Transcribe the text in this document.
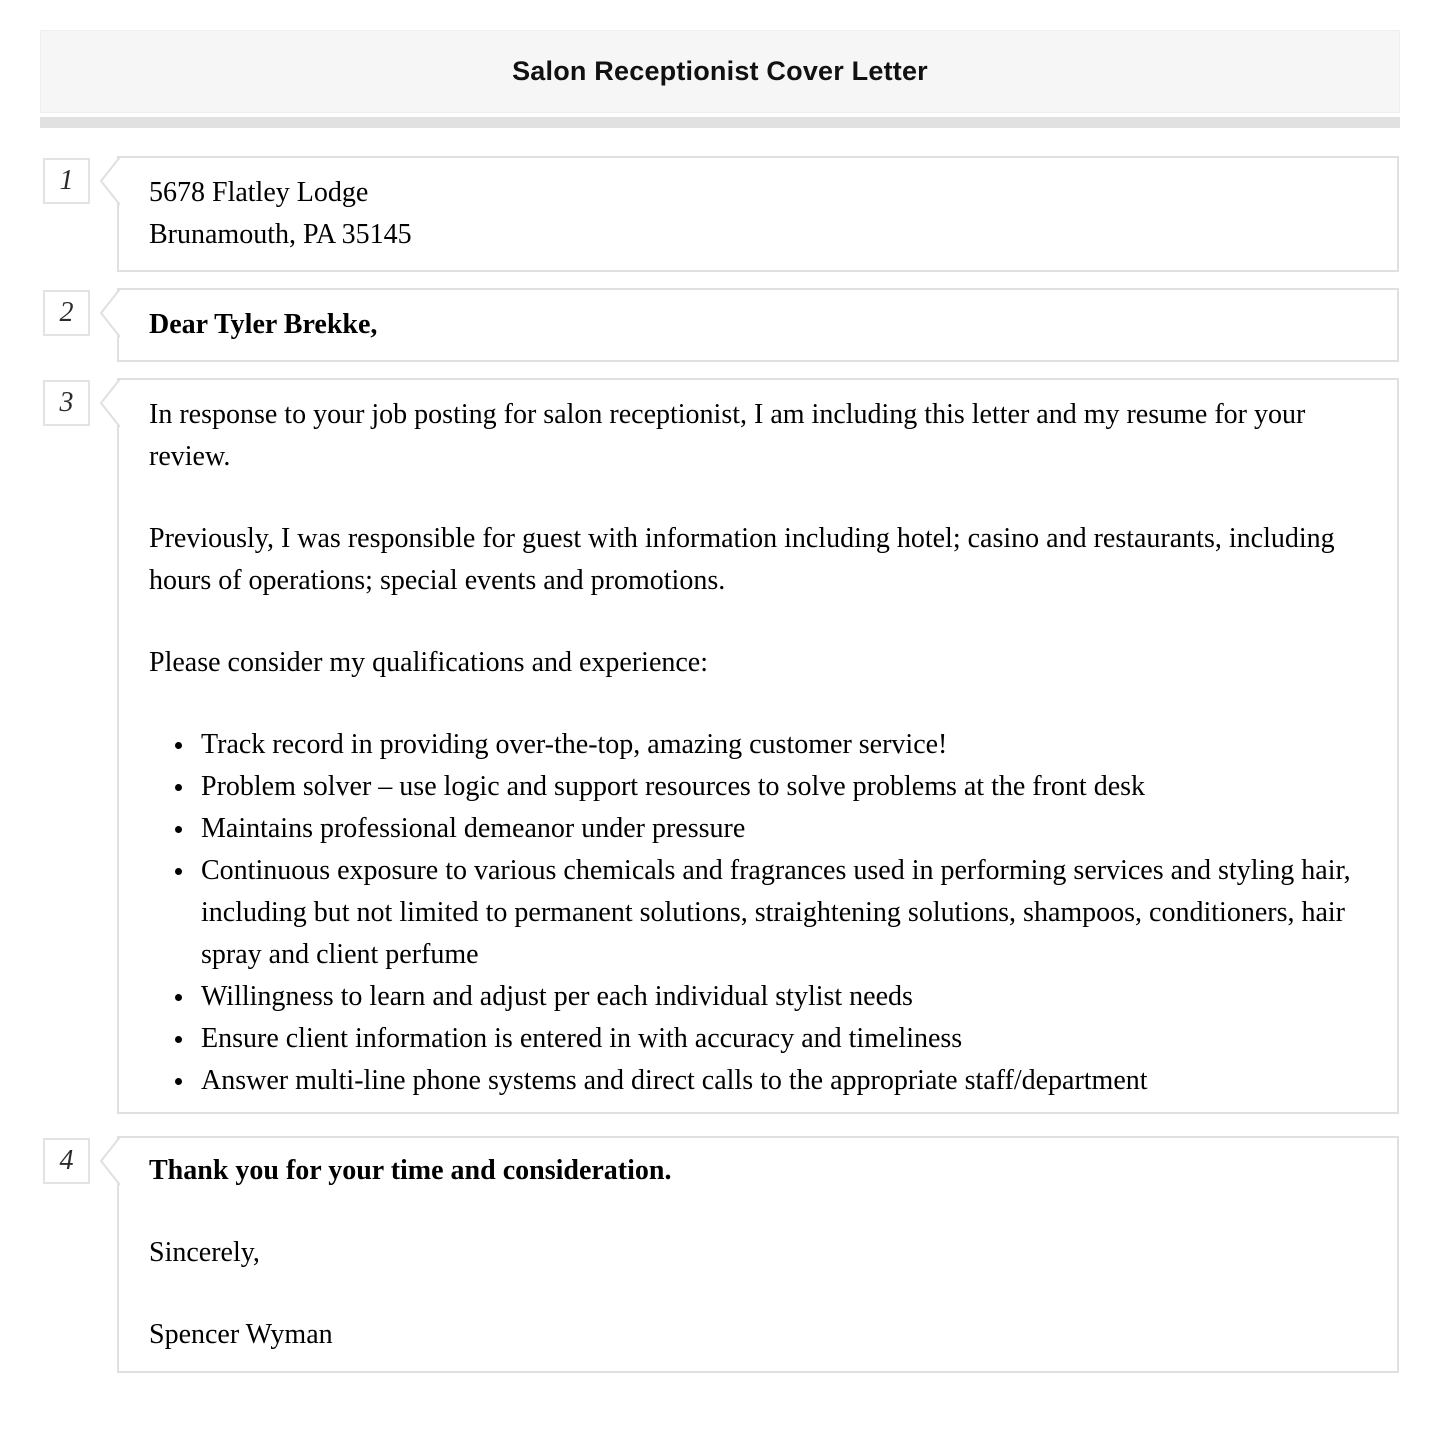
Salon Receptionist Cover Letter
1	5678 Flatley Lodge

Brunamouth, PA 35145

2	Dear Tyler Brekke,

3	In response to your job posting for salon receptionist, I am including this letter and my resume for your review.

Previously, I was responsible for guest with information including hotel; casino and restaurants, including hours of operations; special events and promotions.

Please consider my qualifications and experience:

Track record in providing over-the-top, amazing customer service!
Problem solver – use logic and support resources to solve problems at the front desk
Maintains professional demeanor under pressure
Continuous exposure to various chemicals and fragrances used in performing services and styling hair, including but not limited to permanent solutions, straightening solutions, shampoos, conditioners, hair spray and client perfume
Willingness to learn and adjust per each individual stylist needs
Ensure client information is entered in with accuracy and timeliness
Answer multi-line phone systems and direct calls to the appropriate staff/department
4	Thank you for your time and consideration.

Sincerely,

Spencer Wyman
